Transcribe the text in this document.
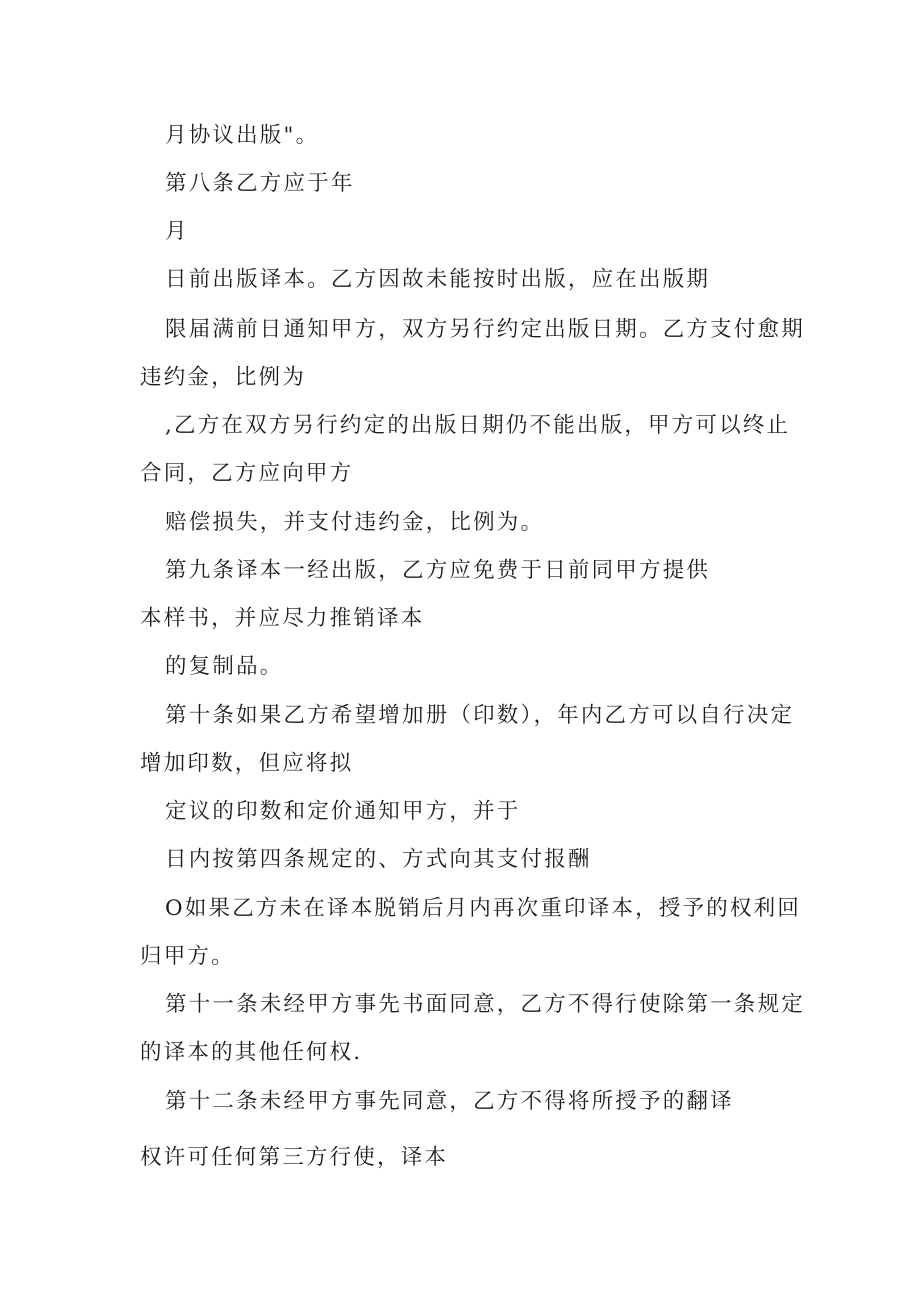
月协议出版"。
第八条乙方应于年
月
日前出版译本。乙方因故未能按时出版，应在出版期
限届满前日通知甲方，双方另行约定出版日期。乙方支付愈期
违约金，比例为
,乙方在双方另行约定的出版日期仍不能出版，甲方可以终止
合同，乙方应向甲方
赔偿损失，并支付违约金，比例为。
第九条译本一经出版，乙方应免费于日前同甲方提供
本样书，并应尽力推销译本
的复制品。
第十条如果乙方希望增加册（印数），年内乙方可以自行决定
增加印数，但应将拟
定议的印数和定价通知甲方，并于
日内按第四条规定的、方式向其支付报酬
O如果乙方未在译本脱销后月内再次重印译本，授予的权利回
归甲方。
第十一条未经甲方事先书面同意，乙方不得行使除第一条规定
的译本的其他任何权.
第十二条未经甲方事先同意，乙方不得将所授予的翻译
权许可任何第三方行使，译本
